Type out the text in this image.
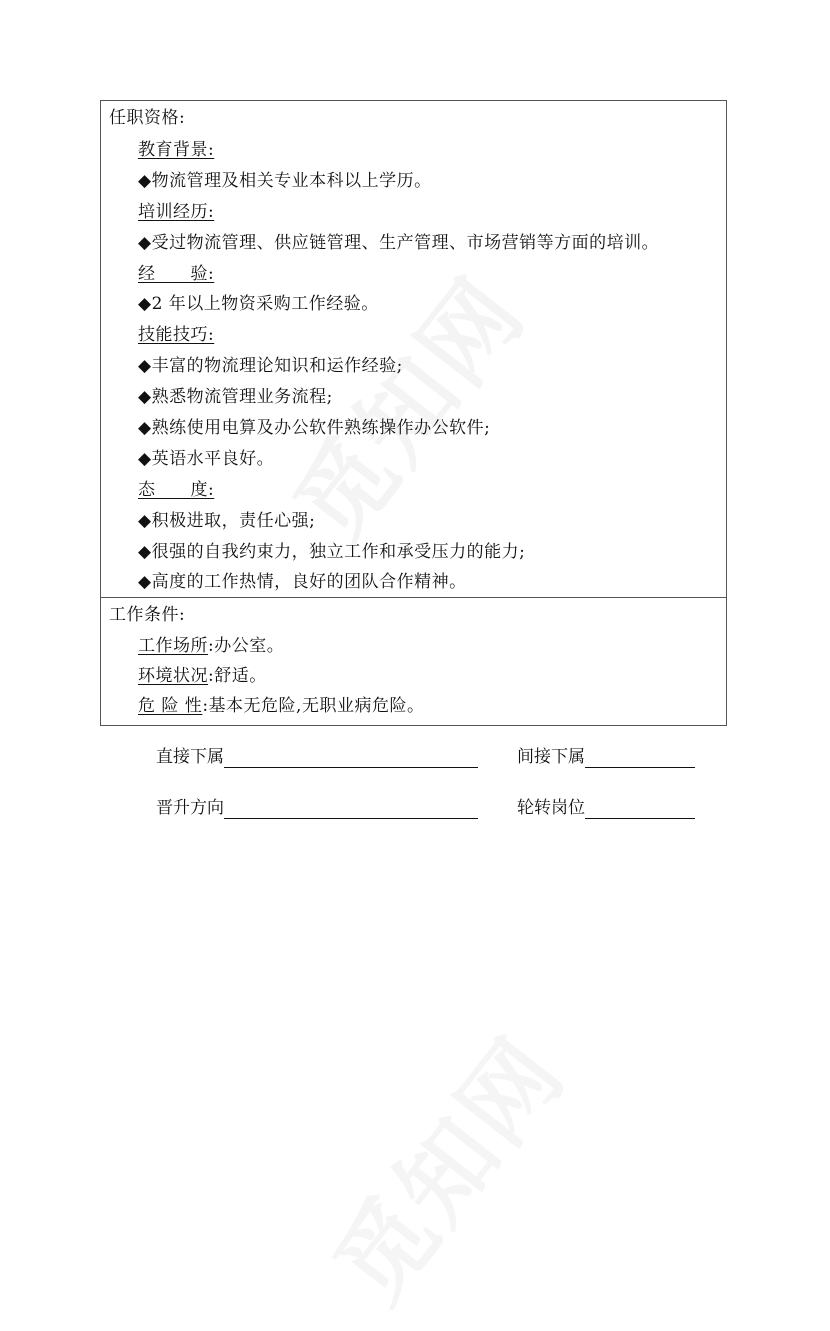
任职资格:
教育背景:
◆物流管理及相关专业本科以上学历。
培训经历:
◆受过物流管理、供应链管理、生产管理、市场营销等方面的培训。
经　　验:
◆2 年以上物资采购工作经验。
技能技巧:
◆丰富的物流理论知识和运作经验;
◆熟悉物流管理业务流程;
◆熟练使用电算及办公软件熟练操作办公软件;
◆英语水平良好。
态　　度:
◆积极进取，责任心强;
◆很强的自我约束力，独立工作和承受压力的能力;
◆高度的工作热情，良好的团队合作精神。
工作条件:
工作场所:办公室。
环境状况:舒适。
危 险 性:基本无危险,无职业病危险。
直接下属	间接下属
晋升方向	轮转岗位
